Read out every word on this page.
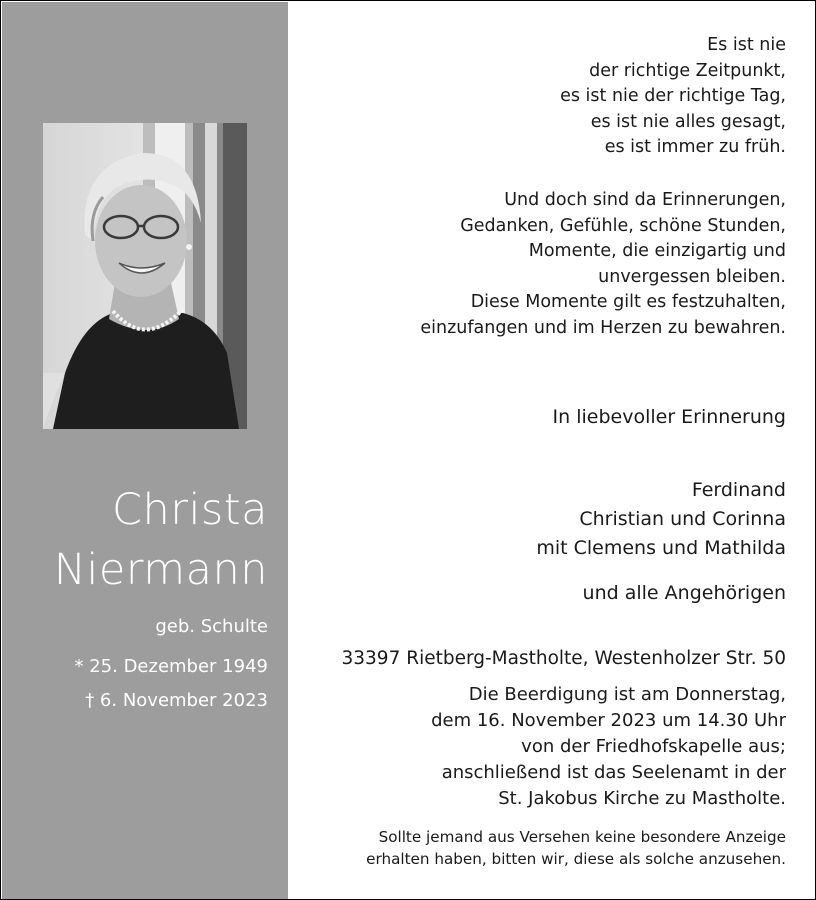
Christa
Niermann
geb. Schulte
* 25. Dezember 1949
† 6. November 2023
Es ist nie
der richtige Zeitpunkt,
es ist nie der richtige Tag,
es ist nie alles gesagt,
es ist immer zu früh.
Und doch sind da Erinnerungen,
Gedanken, Gefühle, schöne Stunden,
Momente, die einzigartig und
unvergessen bleiben.
Diese Momente gilt es festzuhalten,
einzufangen und im Herzen zu bewahren.
In liebevoller Erinnerung
Ferdinand
Christian und Corinna
mit Clemens und Mathilda
und alle Angehörigen
33397 Rietberg-Mastholte, Westenholzer Str. 50
Die Beerdigung ist am Donnerstag,
dem 16. November 2023 um 14.30 Uhr
von der Friedhofskapelle aus;
anschließend ist das Seelenamt in der
St. Jakobus Kirche zu Mastholte.
Sollte jemand aus Versehen keine besondere Anzeige
erhalten haben, bitten wir, diese als solche anzusehen.
